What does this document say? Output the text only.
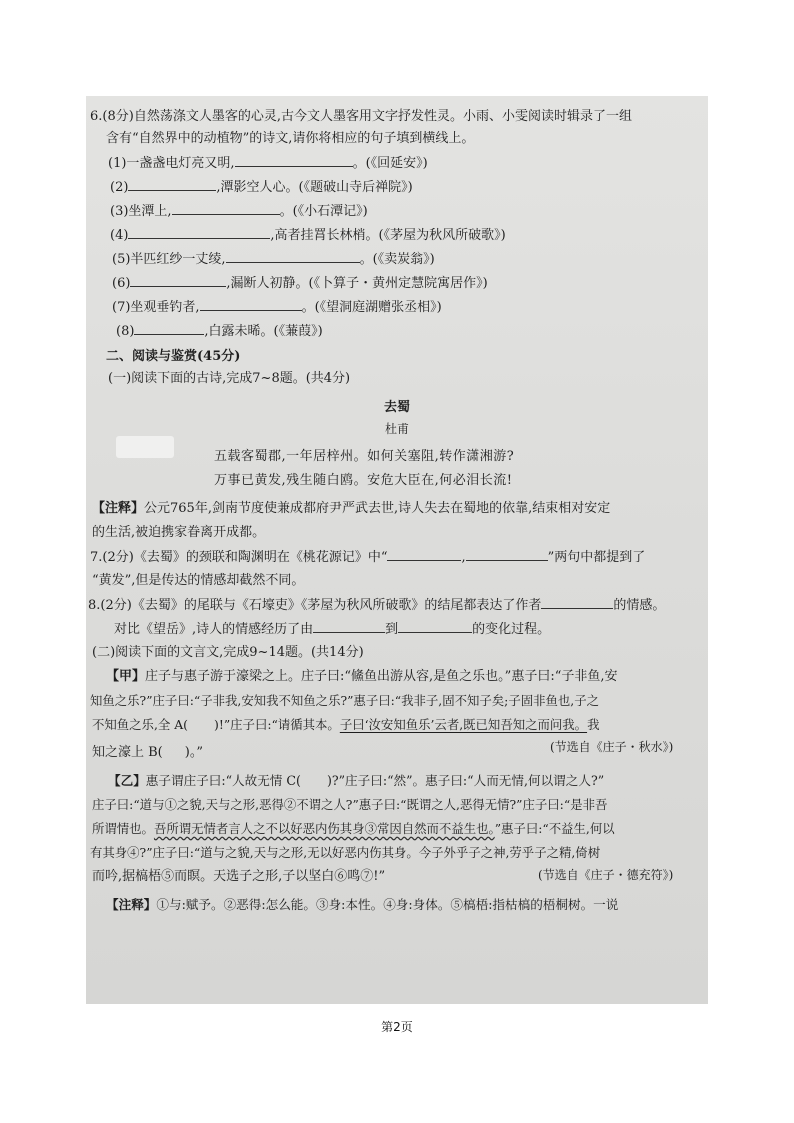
6.(8分)自然荡涤文人墨客的心灵,古今文人墨客用文字抒发性灵。小雨、小雯阅读时辑录了一组
含有“自然界中的动植物”的诗文,请你将相应的句子填到横线上。
(1)一盏盏电灯亮又明,	。(《回延安》)
(2)	,潭影空人心。(《题破山寺后禅院》)
(3)坐潭上,	。(《小石潭记》)
(4)	,高者挂罥长林梢。(《茅屋为秋风所破歌》)
(5)半匹红纱一丈绫,	。(《卖炭翁》)
(6)	,漏断人初静。(《卜算子・黄州定慧院寓居作》)
(7)坐观垂钓者,	。(《望洞庭湖赠张丞相》)
(8)	,白露未晞。(《蒹葭》)
二、阅读与鉴赏(45分)
(一)阅读下面的古诗,完成7~8题。(共4分)
去蜀
杜甫
五载客蜀郡,一年居梓州。如何关塞阻,转作潇湘游?
万事已黄发,残生随白鸥。安危大臣在,何必泪长流!
【注释】公元765年,剑南节度使兼成都府尹严武去世,诗人失去在蜀地的依靠,结束相对安定
的生活,被迫携家眷离开成都。
7.(2分)《去蜀》的颈联和陶渊明在《桃花源记》中“	,	”两句中都提到了
“黄发”,但是传达的情感却截然不同。
8.(2分)《去蜀》的尾联与《石壕吏》《茅屋为秋风所破歌》的结尾都表达了作者	的情感。
对比《望岳》,诗人的情感经历了由	到	的变化过程。
(二)阅读下面的文言文,完成9~14题。(共14分)
【甲】庄子与惠子游于濠梁之上。庄子曰:“鯈鱼出游从容,是鱼之乐也。”惠子曰:“子非鱼,安
知鱼之乐?”庄子曰:“子非我,安知我不知鱼之乐?”惠子曰:“我非子,固不知子矣;子固非鱼也,子之
不知鱼之乐,全 A( )!”庄子曰:“请循其本。子曰‘汝安知鱼乐’云者,既已知吾知之而问我。我
(节选自《庄子・秋水》)
知之濠上 B( )。”
【乙】惠子谓庄子曰:“人故无情 C( )?”庄子曰:“然”。惠子曰:“人而无情,何以谓之人?”
庄子曰:“道与①之貌,天与之形,恶得②不谓之人?”惠子曰:“既谓之人,恶得无情?”庄子曰:“是非吾
所谓情也。吾所谓无情者言人之不以好恶内伤其身③常因自然而不益生也。”惠子曰:“不益生,何以
有其身④?”庄子曰:“道与之貌,天与之形,无以好恶内伤其身。今子外乎子之神,劳乎子之精,倚树
而吟,据槁梧⑤而瞑。天选子之形,子以坚白⑥鸣⑦!”	(节选自《庄子・德充符》)
【注释】①与:赋予。②恶得:怎么能。③身:本性。④身:身体。⑤槁梧:指枯槁的梧桐树。一说
第2页
